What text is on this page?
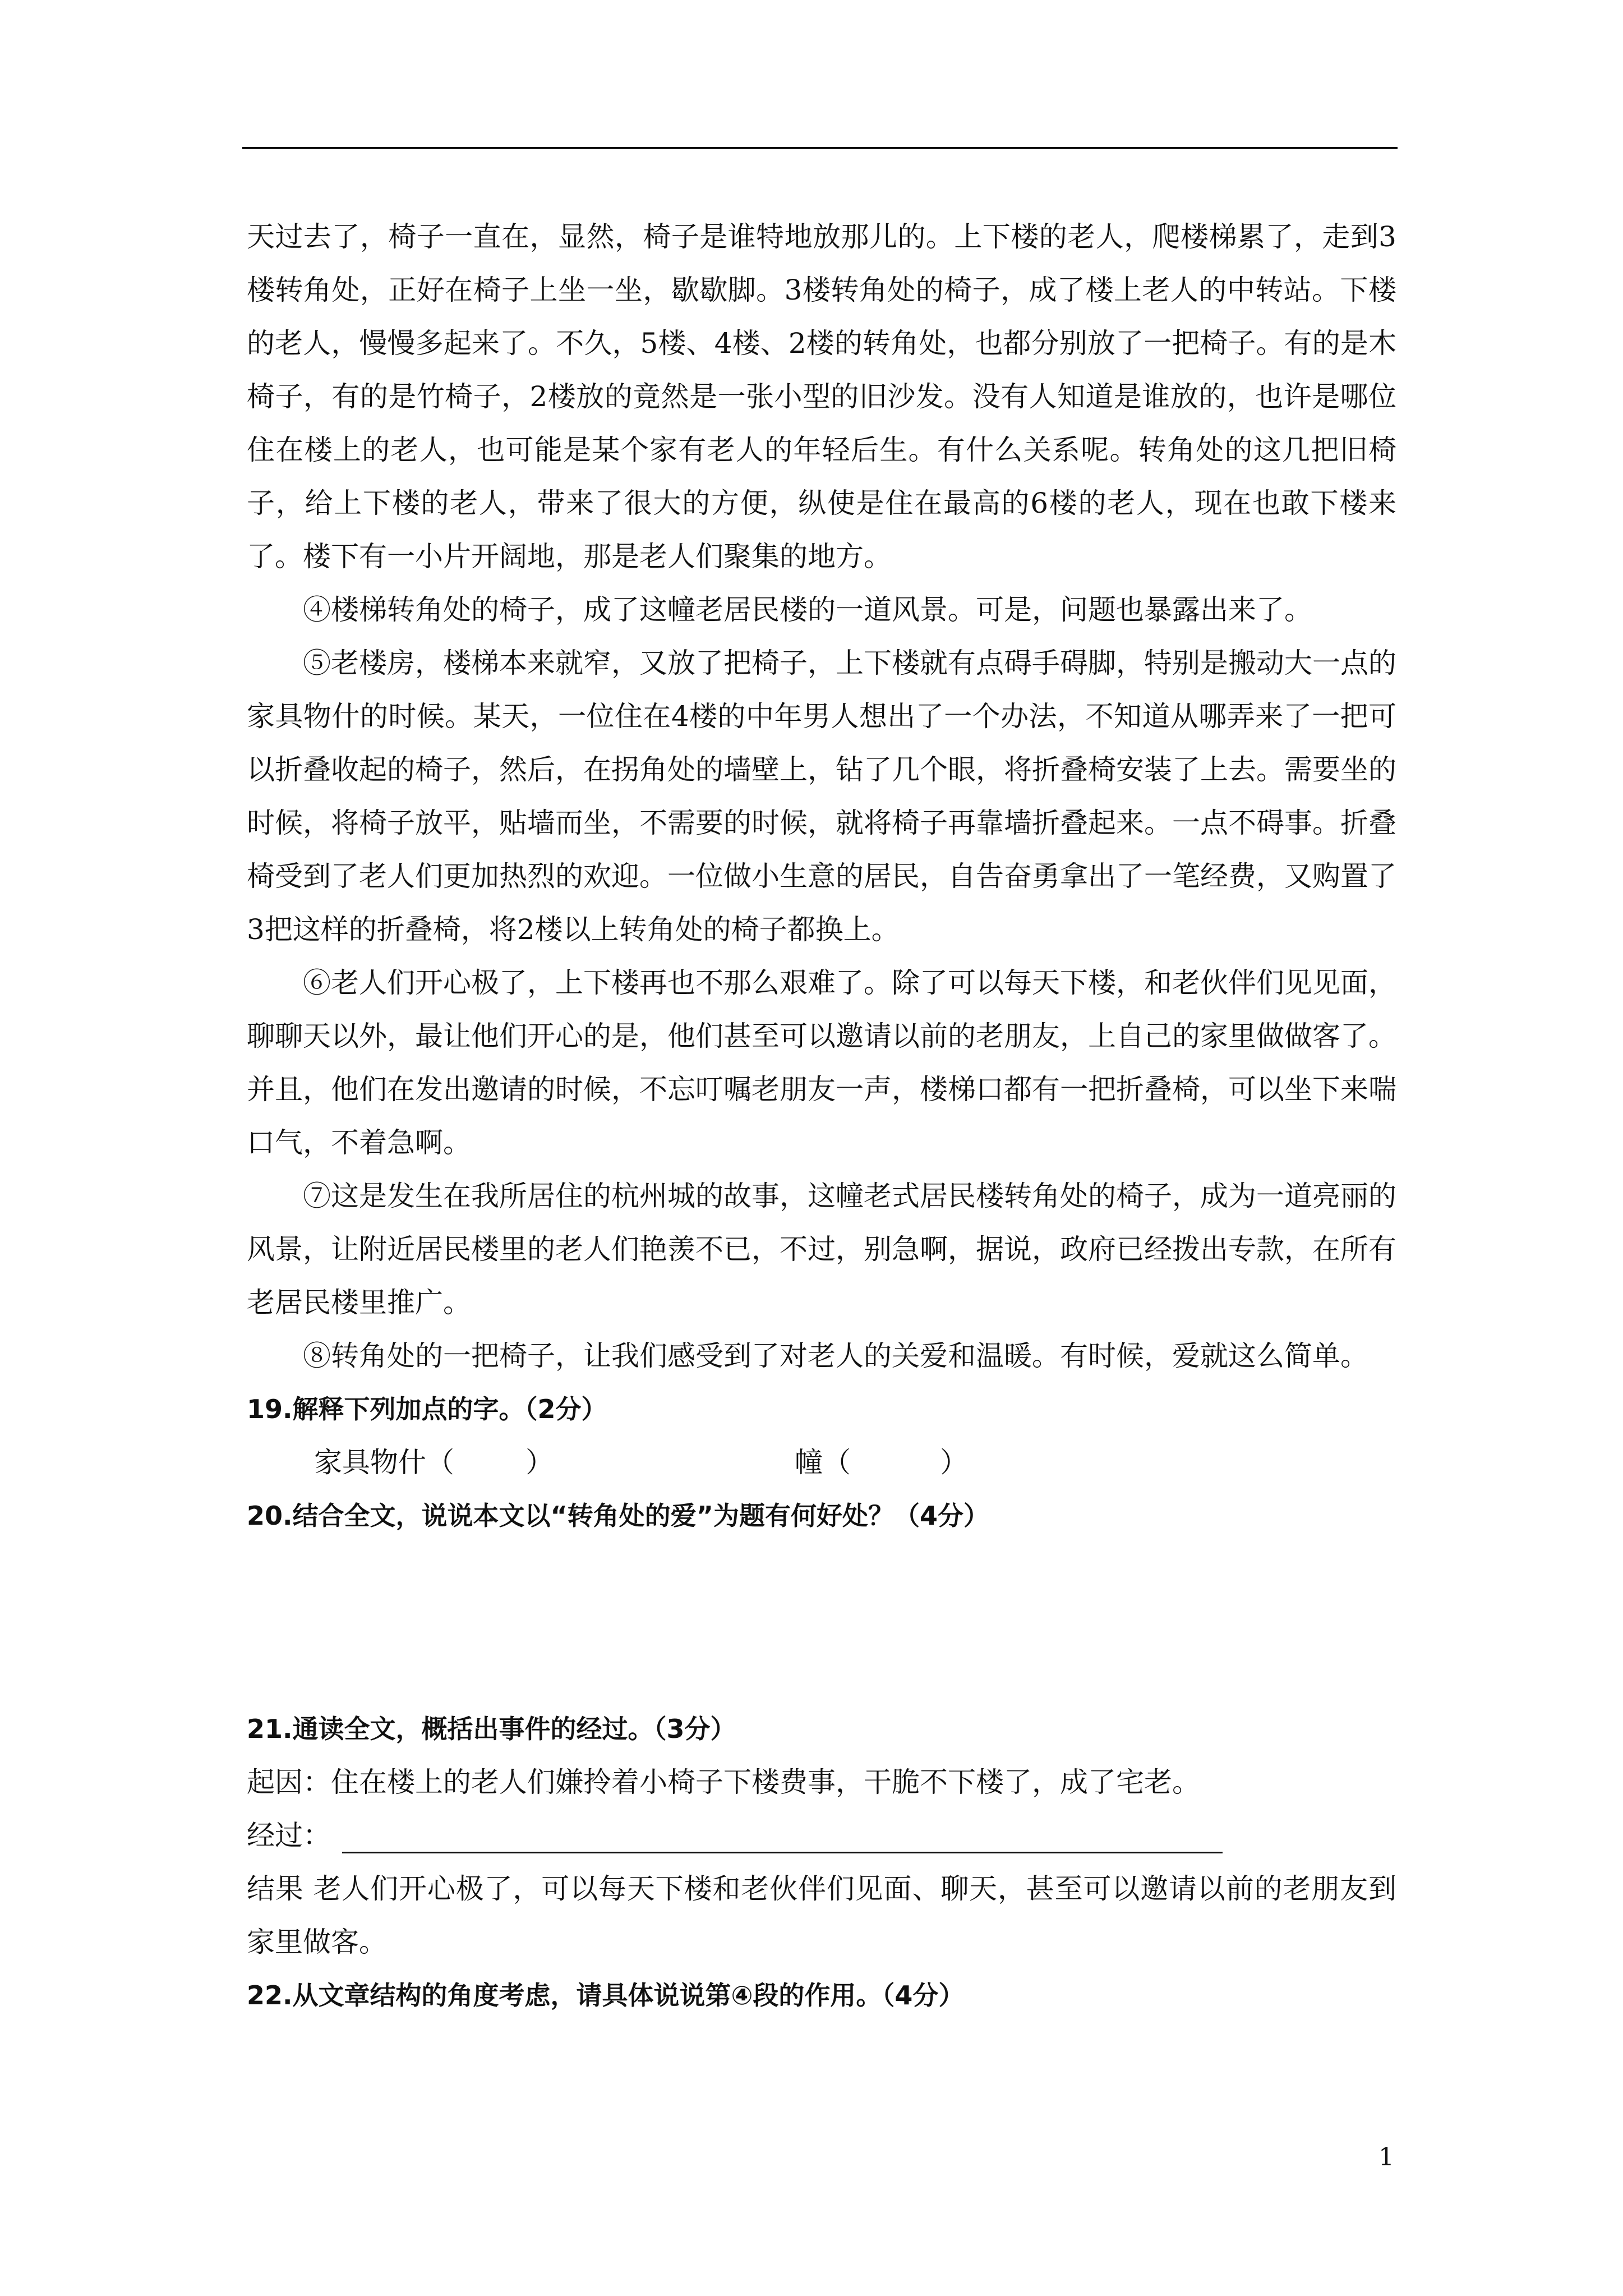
天过去了，椅子一直在，显然，椅子是谁特地放那儿的。上下楼的老人，爬楼梯累了，走到3楼转角处，正好在椅子上坐一坐，歇歇脚。3楼转角处的椅子，成了楼上老人的中转站。下楼的老人，慢慢多起来了。不久，5楼、4楼、2楼的转角处，也都分别放了一把椅子。有的是木椅子，有的是竹椅子，2楼放的竟然是一张小型的旧沙发。没有人知道是谁放的，也许是哪位住在楼上的老人，也可能是某个家有老人的年轻后生。有什么关系呢。转角处的这几把旧椅子，给上下楼的老人，带来了很大的方便，纵使是住在最高的6楼的老人，现在也敢下楼来了。楼下有一小片开阔地，那是老人们聚集的地方。

④楼梯转角处的椅子，成了这幢老居民楼的一道风景。可是，问题也暴露出来了。

⑤老楼房，楼梯本来就窄，又放了把椅子，上下楼就有点碍手碍脚，特别是搬动大一点的家具物什的时候。某天，一位住在4楼的中年男人想出了一个办法，不知道从哪弄来了一把可以折叠收起的椅子，然后，在拐角处的墙壁上，钻了几个眼，将折叠椅安装了上去。需要坐的时候，将椅子放平，贴墙而坐，不需要的时候，就将椅子再靠墙折叠起来。一点不碍事。折叠椅受到了老人们更加热烈的欢迎。一位做小生意的居民，自告奋勇拿出了一笔经费，又购置了3把这样的折叠椅，将2楼以上转角处的椅子都换上。

⑥老人们开心极了，上下楼再也不那么艰难了。除了可以每天下楼，和老伙伴们见见面，聊聊天以外，最让他们开心的是，他们甚至可以邀请以前的老朋友，上自己的家里做做客了。并且，他们在发出邀请的时候，不忘叮嘱老朋友一声，楼梯口都有一把折叠椅，可以坐下来喘口气，不着急啊。

⑦这是发生在我所居住的杭州城的故事，这幢老式居民楼转角处的椅子，成为一道亮丽的风景，让附近居民楼里的老人们艳羡不已，不过，别急啊，据说，政府已经拨出专款，在所有老居民楼里推广。

⑧转角处的一把椅子，让我们感受到了对老人的关爱和温暖。有时候，爱就这么简单。

19.解释下列加点的字。（2分）

家具物什（        ）	幢（          ）

20.结合全文，说说本文以“转角处的爱”为题有何好处？（4分）

21.通读全文，概括出事件的经过。（3分）

起因：住在楼上的老人们嫌拎着小椅子下楼费事，干脆不下楼了，成了宅老。

经过：

结果 老人们开心极了，可以每天下楼和老伙伴们见面、聊天，甚至可以邀请以前的老朋友到家里做客。

22.从文章结构的角度考虑，请具体说说第④段的作用。（4分）

1
